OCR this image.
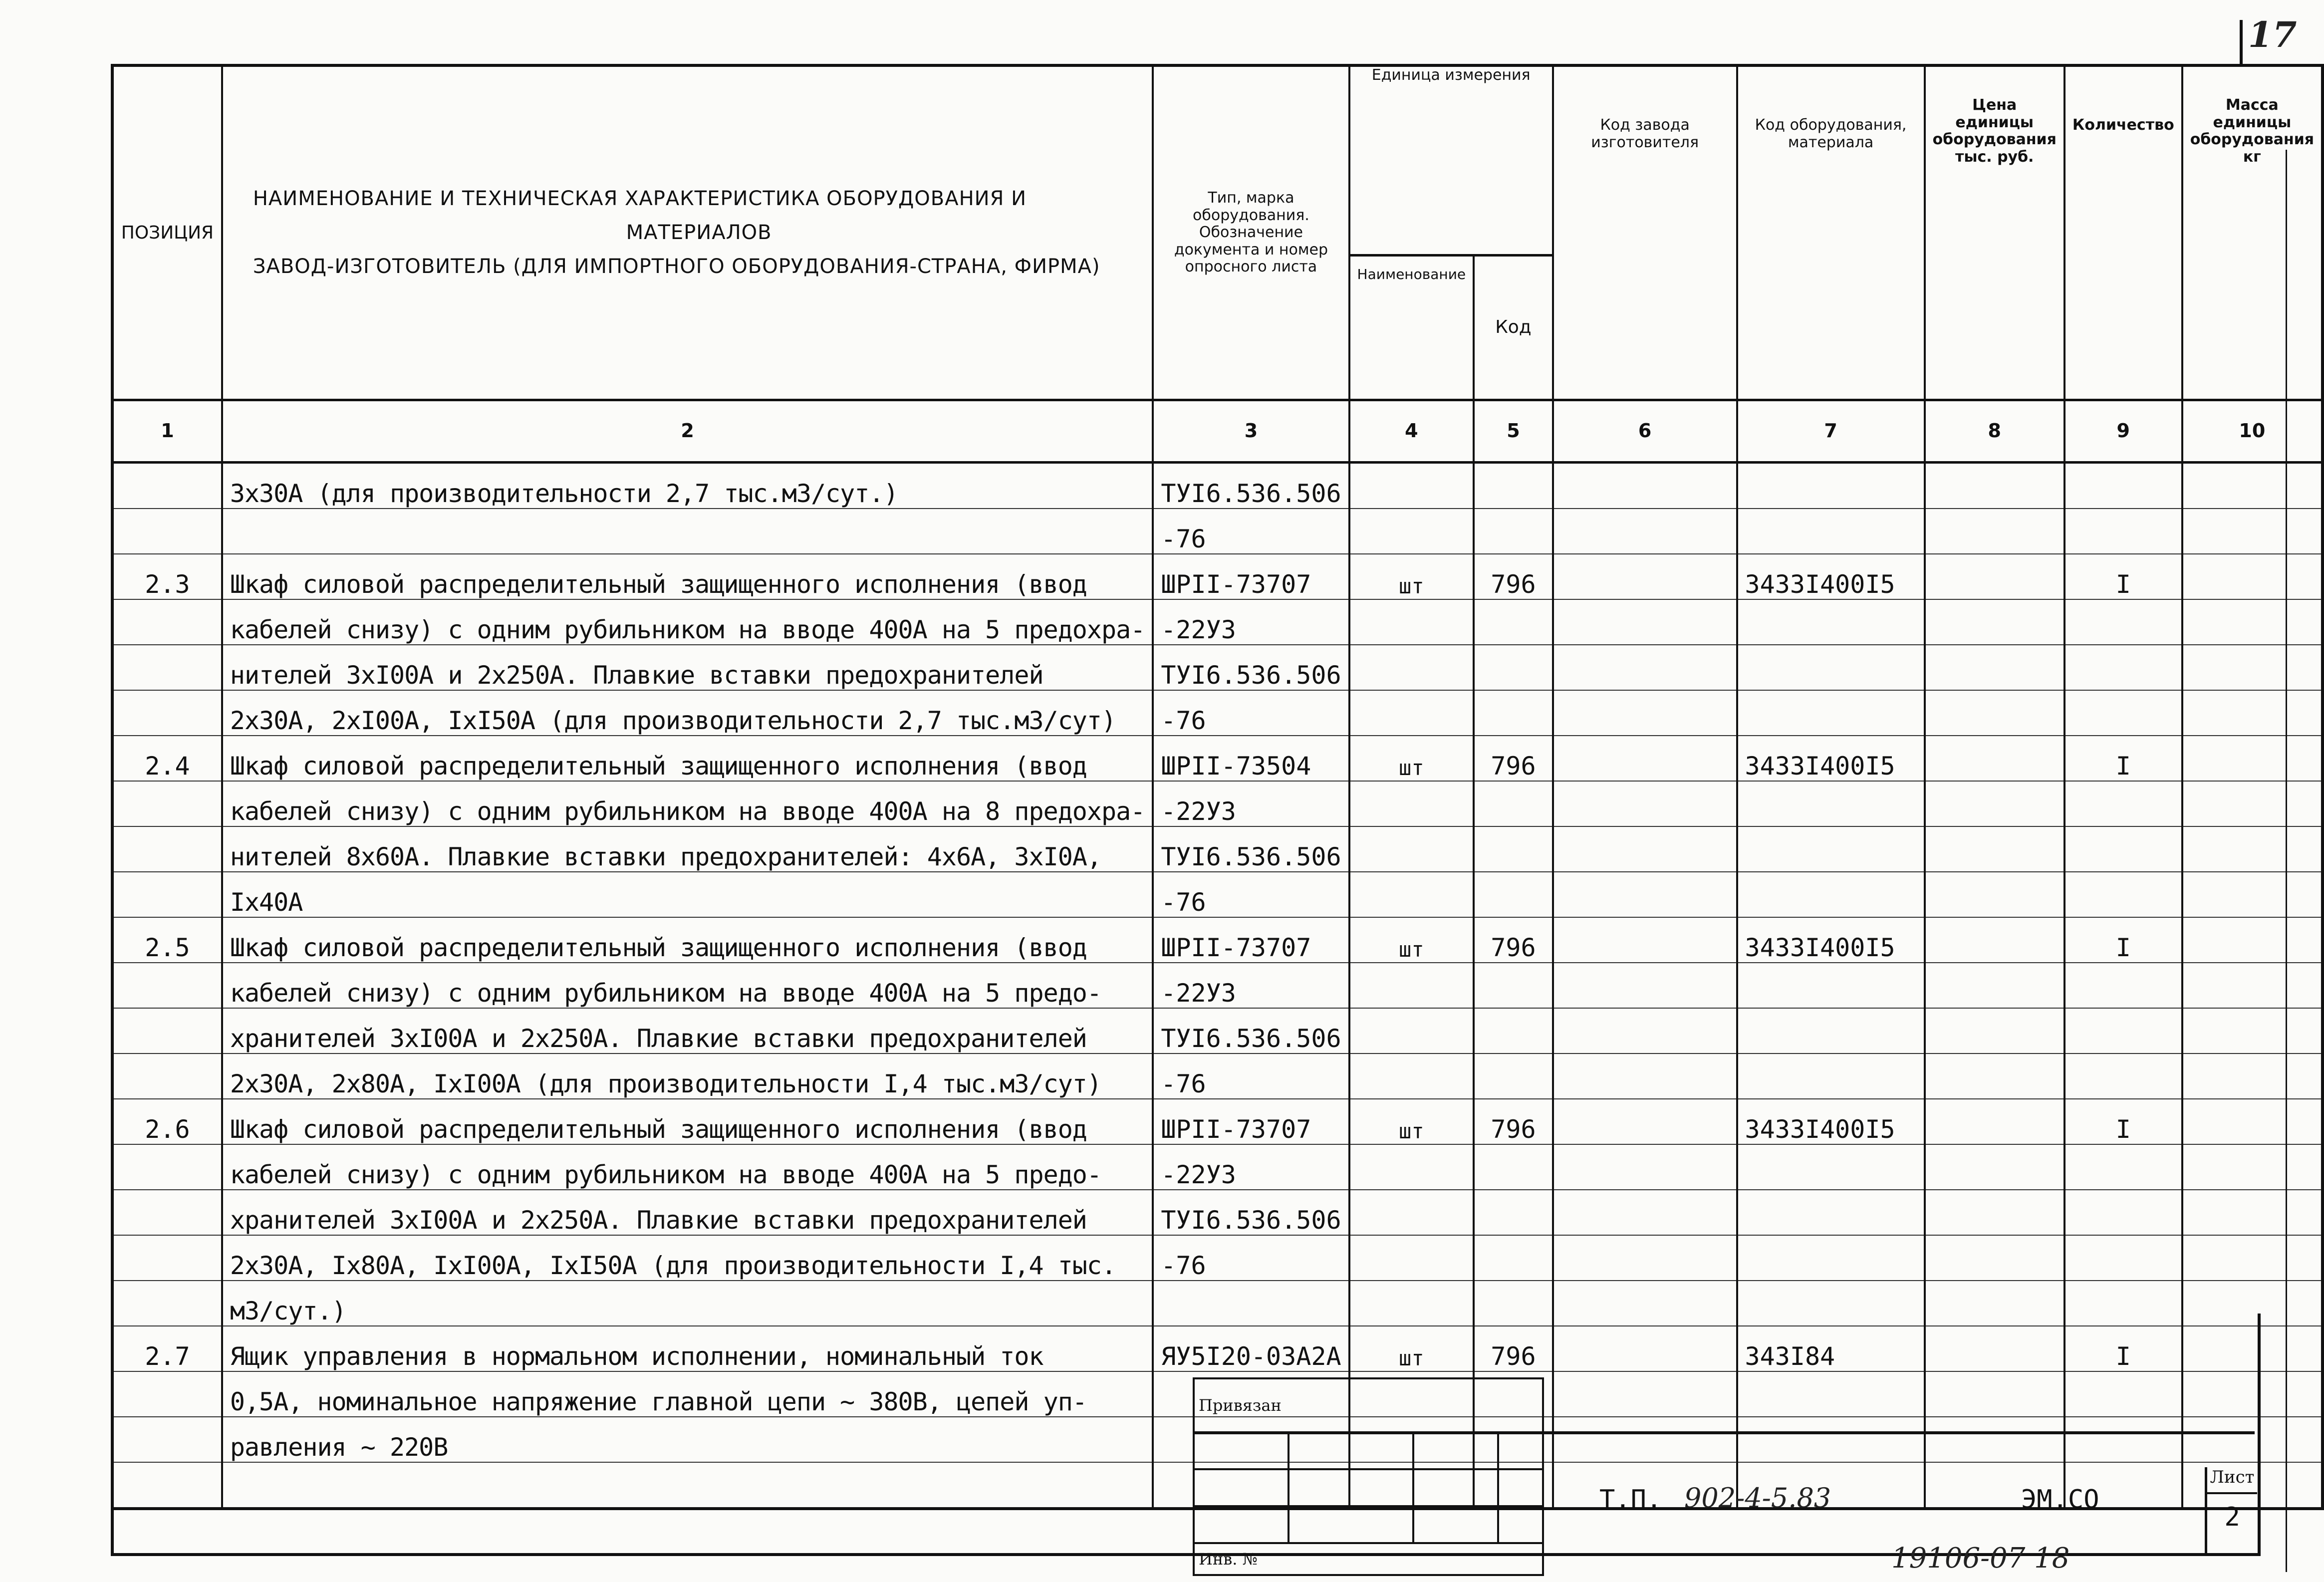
17
ПОЗИЦИЯ	НАИМЕНОВАНИЕ И ТЕХНИЧЕСКАЯ ХАРАКТЕРИСТИКА ОБОРУДОВАНИЯ И
МАТЕРИАЛОВ
ЗАВОД-ИЗГОТОВИТЕЛЬ (ДЛЯ ИМПОРТНОГО ОБОРУДОВАНИЯ-СТРАНА, ФИРМА)	Тип, марка оборудования. Обозначение документа и номер опросного листа	Единица измерения		Код завода изготовителя	Код оборудования, материала	Цена единицы оборудования тыс. руб.	Количество	Масса единицы оборудования кг
			Наименование	Код					
1	2	3	4	5	6	7	8	9	10
	3х30А (для производительности 2,7 тыс.м3/сут.)	ТУI6.536.506							
		-76							
2.3	Шкаф силовой распределительный защищенного исполнения (ввод	ШРII-73707	шт	796		3433I400I5		I	
	кабелей снизу) с одним рубильником на вводе 400А на 5 предохра-	-22У3							
	нителей 3хI00А и 2х250А. Плавкие вставки предохранителей	ТУI6.536.506							
	2х30А, 2хI00А, IхI50А (для производительности 2,7 тыс.м3/сут)	-76							
2.4	Шкаф силовой распределительный защищенного исполнения (ввод	ШРII-73504	шт	796		3433I400I5		I	
	кабелей снизу) с одним рубильником на вводе 400А на 8 предохра-	-22У3							
	нителей 8х60А. Плавкие вставки предохранителей: 4х6А, 3хI0А,	ТУI6.536.506							
	Iх40А	-76							
2.5	Шкаф силовой распределительный защищенного исполнения (ввод	ШРII-73707	шт	796		3433I400I5		I	
	кабелей снизу) с одним рубильником на вводе 400А на 5 предо-	-22У3							
	хранителей 3хI00А и 2х250А. Плавкие вставки предохранителей	ТУI6.536.506							
	2х30А, 2х80А, IхI00А (для производительности I,4 тыс.м3/сут)	-76							
2.6	Шкаф силовой распределительный защищенного исполнения (ввод	ШРII-73707	шт	796		3433I400I5		I	
	кабелей снизу) с одним рубильником на вводе 400А на 5 предо-	-22У3							
	хранителей 3хI00А и 2х250А. Плавкие вставки предохранителей	ТУI6.536.506							
	2х30А, Iх80А, IхI00А, IхI50А (для производительности I,4 тыс.	-76							
	м3/сут.)								
2.7	Ящик управления в нормальном исполнении, номинальный ток	ЯУ5I20-03А2А	шт	796		343I84		I	
	0,5А, номинальное напряжение главной цепи ~ 380В, цепей уп-								
	равления ~ 220В								

Привязан			

Инв. №			
Т.П. 902-4-5.83	ЭМ.СО
Лист
2
19106-07 18
